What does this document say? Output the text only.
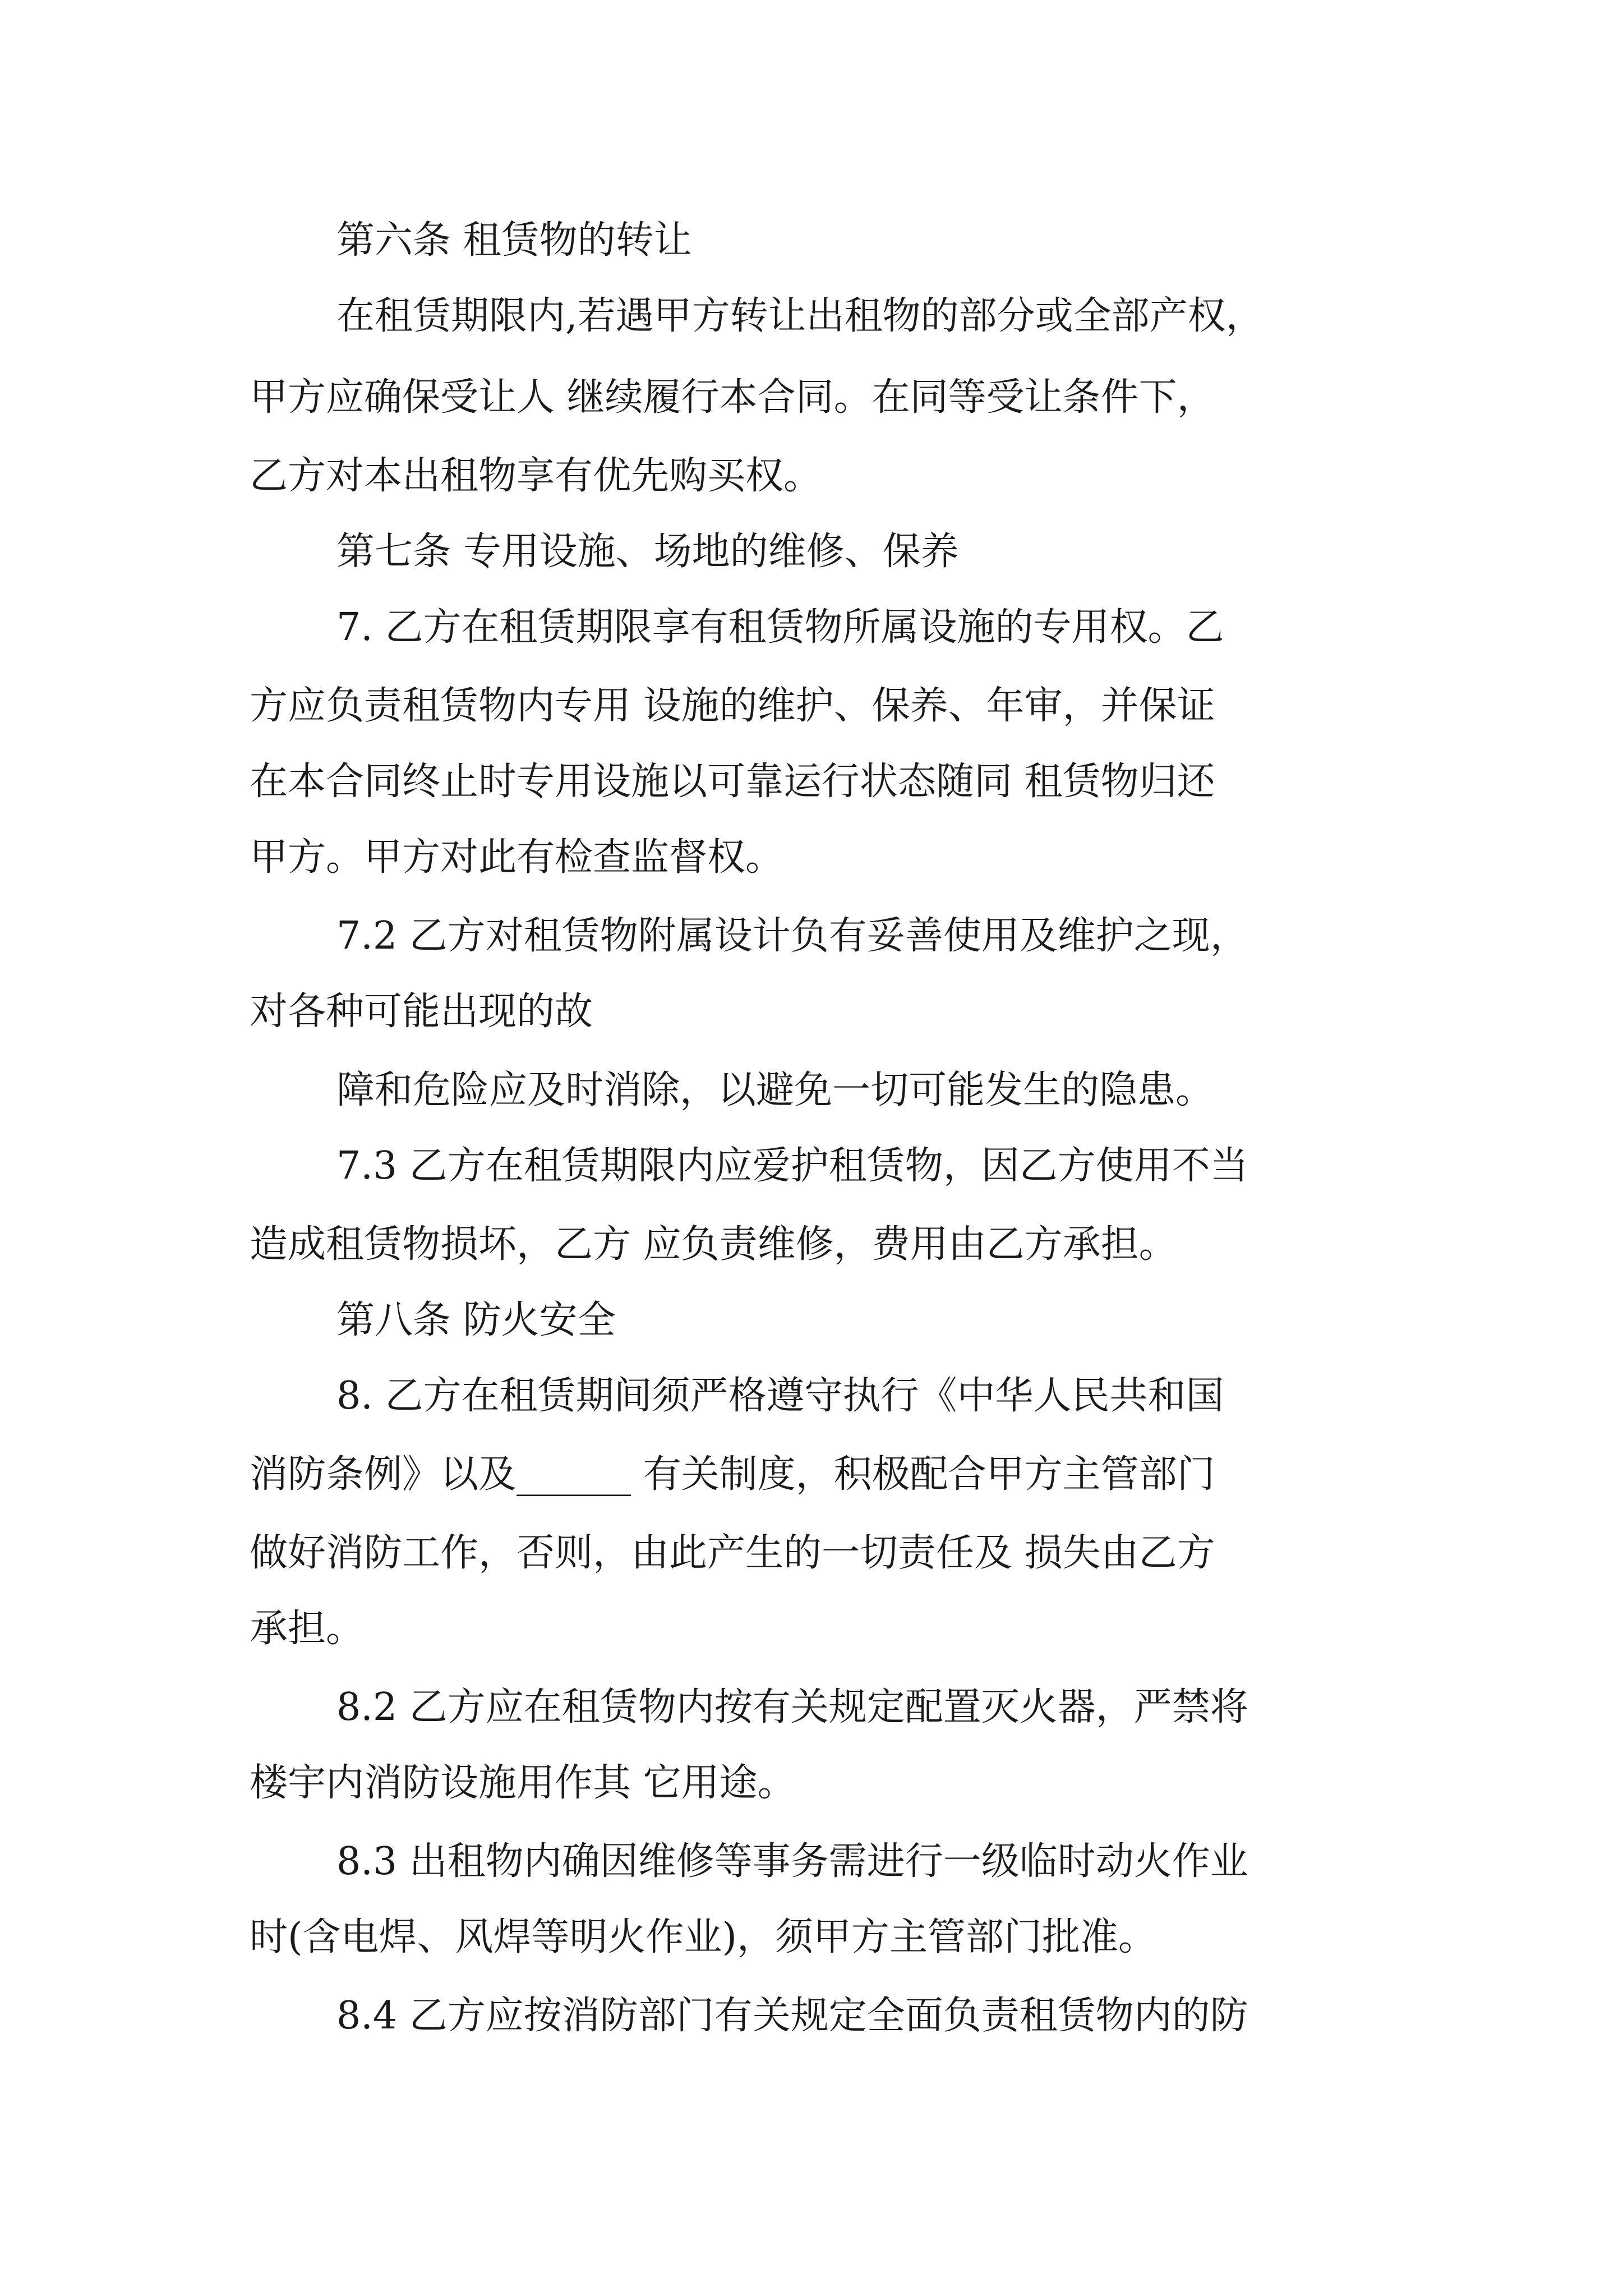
第六条 租赁物的转让
在租赁期限内,若遇甲方转让出租物的部分或全部产权，
甲方应确保受让人 继续履行本合同。在同等受让条件下，
乙方对本出租物享有优先购买权。
第七条 专用设施、场地的维修、保养
7. 乙方在租赁期限享有租赁物所属设施的专用权。乙
方应负责租赁物内专用 设施的维护、保养、年审，并保证
在本合同终止时专用设施以可靠运行状态随同 租赁物归还
甲方。甲方对此有检查监督权。
7.2 乙方对租赁物附属设计负有妥善使用及维护之现，
对各种可能出现的故
障和危险应及时消除，以避免一切可能发生的隐患。
7.3 乙方在租赁期限内应爱护租赁物，因乙方使用不当
造成租赁物损坏，乙方 应负责维修，费用由乙方承担。
第八条 防火安全
8. 乙方在租赁期间须严格遵守执行《中华人民共和国
消防条例》以及______ 有关制度，积极配合甲方主管部门
做好消防工作，否则，由此产生的一切责任及 损失由乙方
承担。
8.2 乙方应在租赁物内按有关规定配置灭火器，严禁将
楼宇内消防设施用作其 它用途。
8.3 出租物内确因维修等事务需进行一级临时动火作业
时(含电焊、风焊等明火作业)，须甲方主管部门批准。
8.4 乙方应按消防部门有关规定全面负责租赁物内的防
